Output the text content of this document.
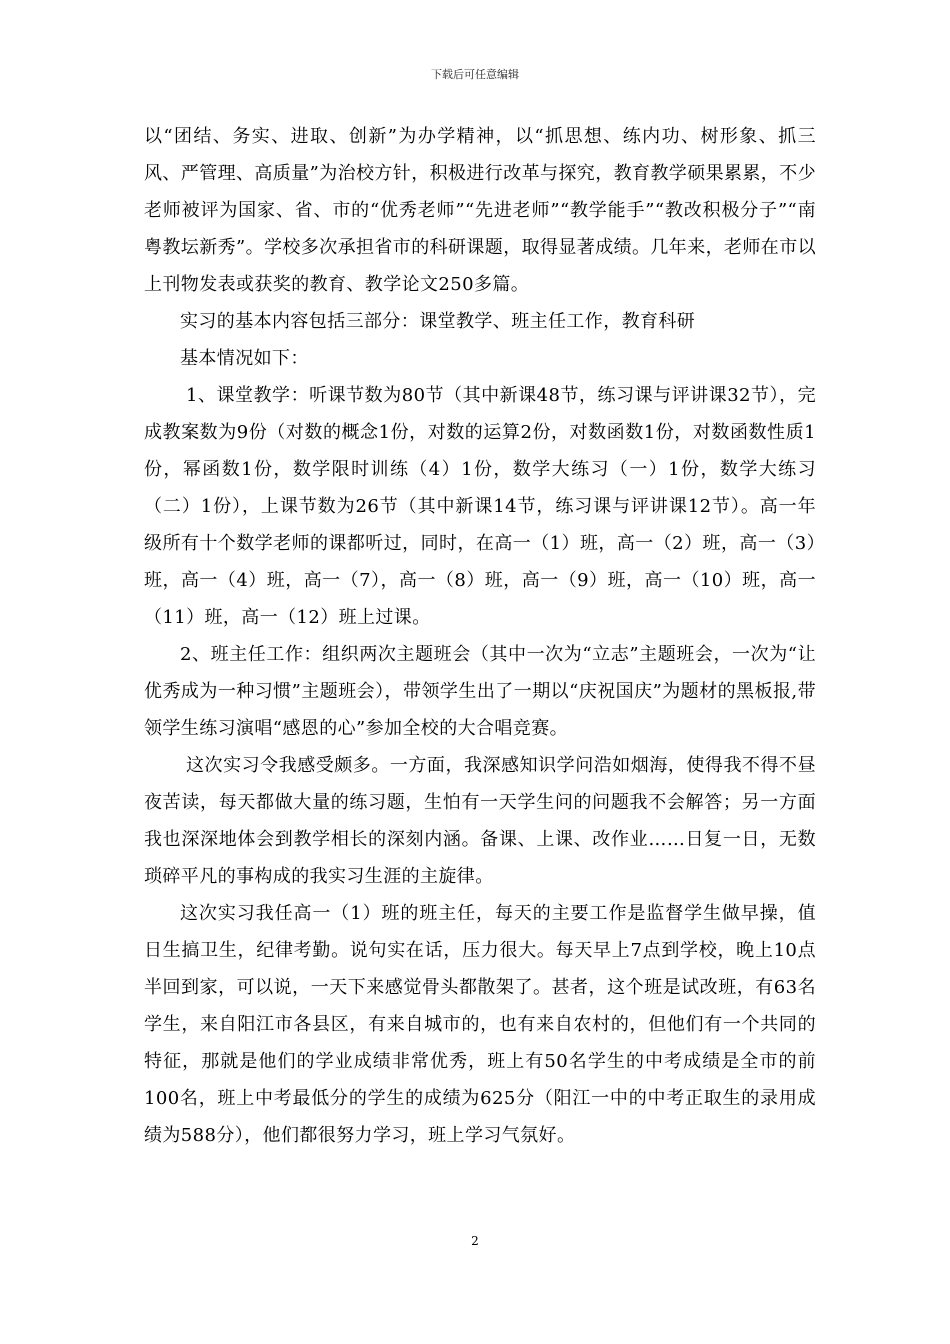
下载后可任意编辑

以“团结、务实、进取、创新”为办学精神，以“抓思想、练内功、树形象、抓三风、严管理、高质量”为治校方针，积极进行改革与探究，教育教学硕果累累，不少老师被评为国家、省、市的“优秀老师”“先进老师”“教学能手”“教改积极分子”“南粤教坛新秀”。学校多次承担省市的科研课题，取得显著成绩。几年来，老师在市以上刊物发表或获奖的教育、教学论文250多篇。

实习的基本内容包括三部分：课堂教学、班主任工作，教育科研

基本情况如下：

1、课堂教学：听课节数为80节（其中新课48节，练习课与评讲课32节），完成教案数为9份（对数的概念1份，对数的运算2份，对数函数1份，对数函数性质1份，幂函数1份，数学限时训练（4）1份，数学大练习（一）1份，数学大练习（二）1份），上课节数为26节（其中新课14节，练习课与评讲课12节）。高一年级所有十个数学老师的课都听过，同时，在高一（1）班，高一（2）班，高一（3）班，高一（4）班，高一（7），高一（8）班，高一（9）班，高一（10）班，高一（11）班，高一（12）班上过课。

2、班主任工作：组织两次主题班会（其中一次为“立志”主题班会，一次为“让优秀成为一种习惯”主题班会），带领学生出了一期以“庆祝国庆”为题材的黑板报,带领学生练习演唱“感恩的心”参加全校的大合唱竞赛。

这次实习令我感受颇多。一方面，我深感知识学问浩如烟海，使得我不得不昼夜苦读，每天都做大量的练习题，生怕有一天学生问的问题我不会解答；另一方面我也深深地体会到教学相长的深刻内涵。备课、上课、改作业……日复一日，无数琐碎平凡的事构成的我实习生涯的主旋律。

这次实习我任高一（1）班的班主任，每天的主要工作是监督学生做早操，值日生搞卫生，纪律考勤。说句实在话，压力很大。每天早上7点到学校，晚上10点半回到家，可以说，一天下来感觉骨头都散架了。甚者，这个班是试改班，有63名学生，来自阳江市各县区，有来自城市的，也有来自农村的，但他们有一个共同的特征，那就是他们的学业成绩非常优秀，班上有50名学生的中考成绩是全市的前100名，班上中考最低分的学生的成绩为625分（阳江一中的中考正取生的录用成绩为588分），他们都很努力学习，班上学习气氛好。

2
